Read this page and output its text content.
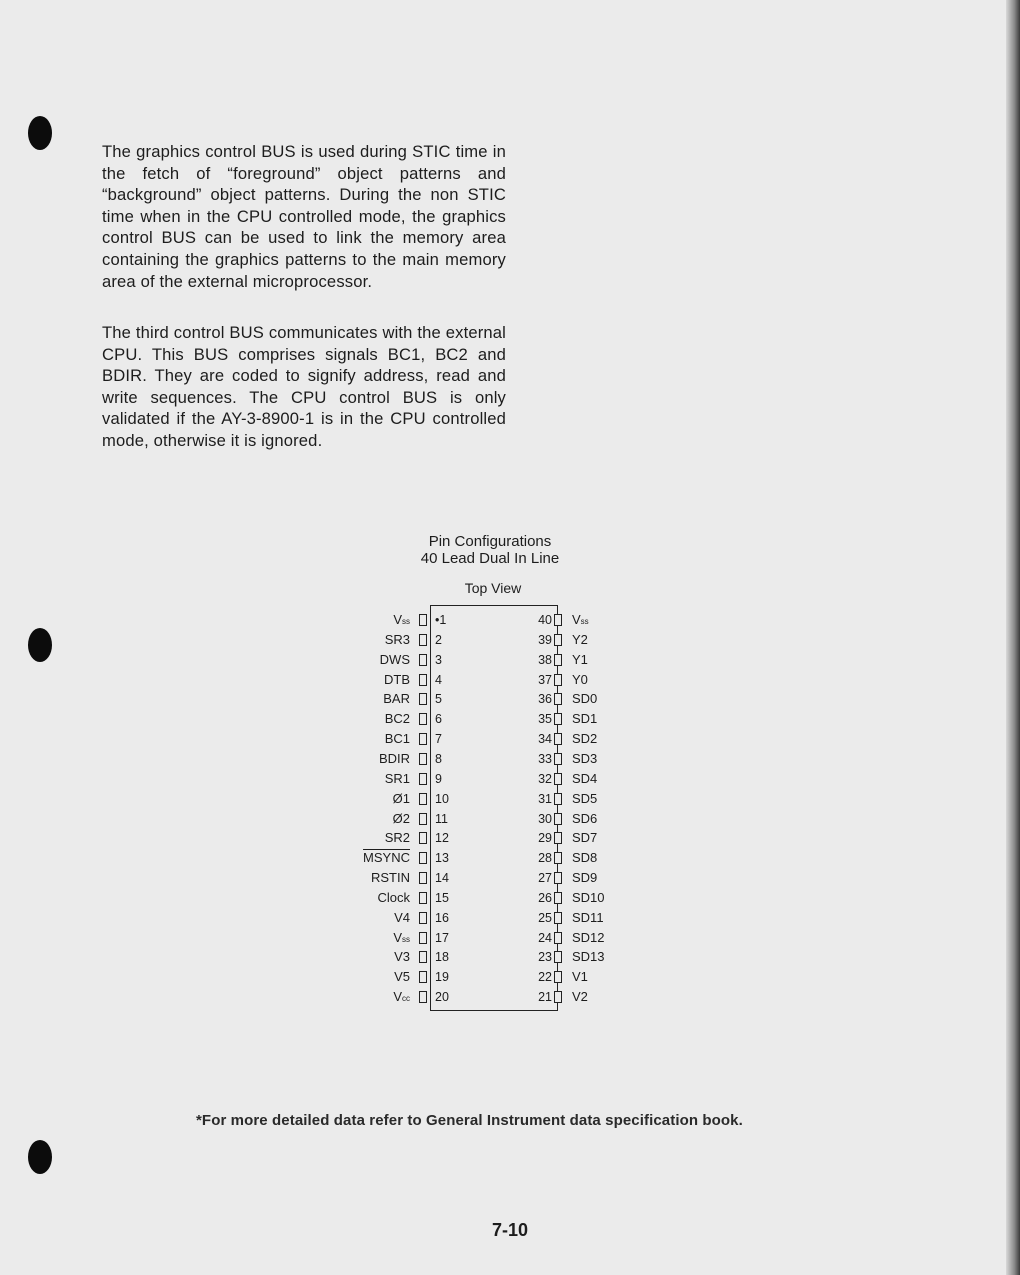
The graphics control BUS is used during STIC time in the fetch of “foreground” object patterns and “background” object patterns. During the non STIC time when in the CPU controlled mode, the graphics control BUS can be used to link the memory area containing the graphics patterns to the main memory area of the external microprocessor.

The third control BUS communicates with the external CPU. This BUS comprises signals BC1, BC2 and BDIR. They are coded to signify address, read and write sequences. The CPU control BUS is only validated if the AY-3-8900-1 is in the CPU controlled mode, otherwise it is ignored.

Pin Configurations
40 Lead Dual In Line
Top View
Vss •1
SR3 2
DWS 3
DTB 4
BAR 5
BC2 6
BC1 7
BDIR 8
SR1 9
Ø1 10
Ø2 11
SR2 12
MSYNC 13
RSTIN 14
Clock 15
V4 16
Vss 17
V3 18
V5 19
Vcc 20
40 Vss
39 Y2
38 Y1
37 Y0
36 SD0
35 SD1
34 SD2
33 SD3
32 SD4
31 SD5
30 SD6
29 SD7
28 SD8
27 SD9
26 SD10
25 SD11
24 SD12
23 SD13
22 V1
21 V2
*For more detailed data refer to General Instrument data specification book.
7-10
